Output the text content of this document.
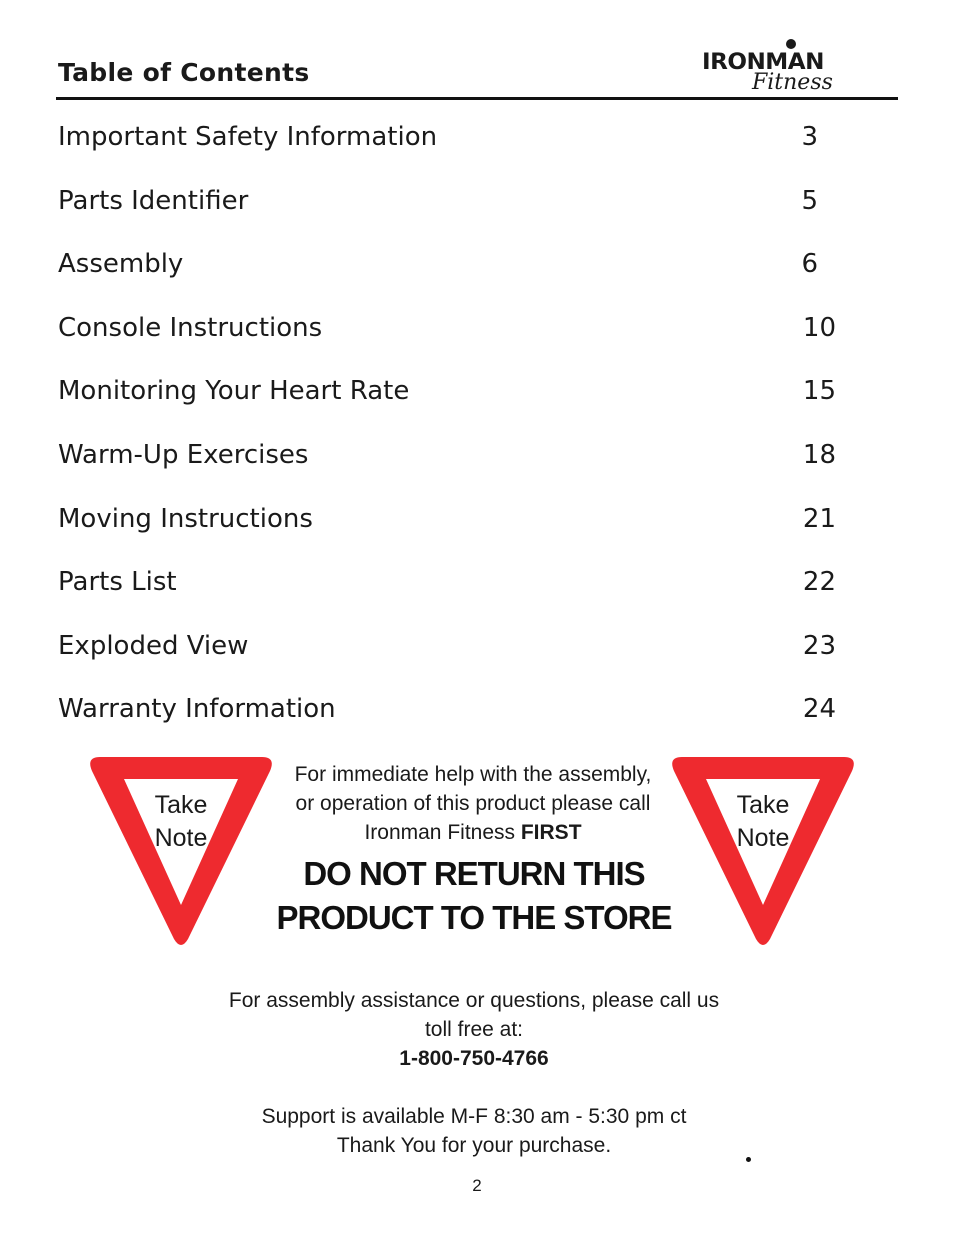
Table of Contents	IRONMAN
Fitness
Important Safety Information	3
Parts Identifier	5
Assembly	6
Console Instructions	10
Monitoring Your Heart Rate	15
Warm-Up Exercises	18
Moving Instructions	21
Parts List	22
Exploded View	23
Warranty Information	24
Take
Note
For immediate help with the assembly,
or operation of this product please call
Ironman Fitness FIRST
DO NOT RETURN THIS
PRODUCT TO THE STORE
Take
Note
For assembly assistance or questions, please call us
toll free at:
1-800-750-4766
Support is available M-F 8:30 am - 5:30 pm ct
Thank You for your purchase.
2
